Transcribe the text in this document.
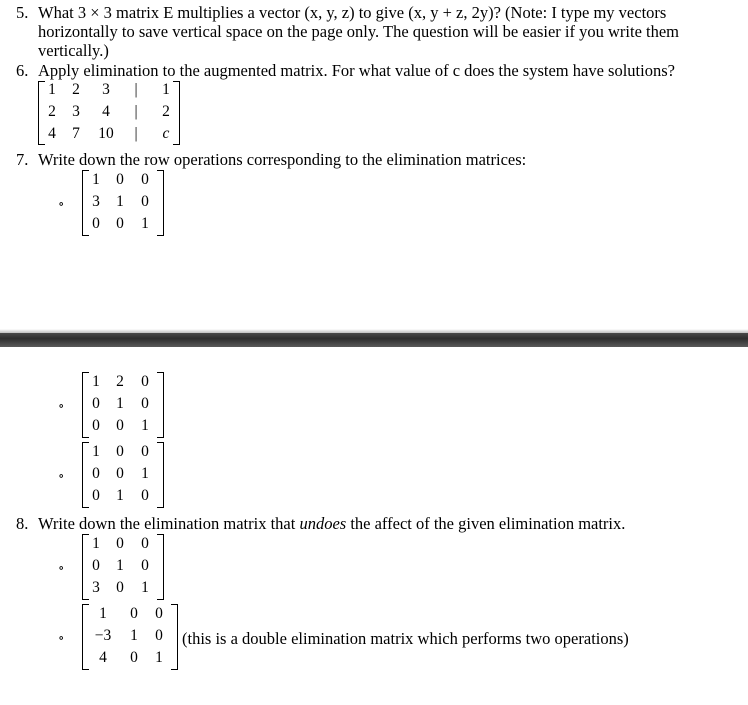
5. What 3 × 3 matrix E multiplies a vector (x, y, z) to give (x, y + z, 2y)? (Note: I type my vectors
horizontally to save vertical space on the page only. The question will be easier if you write them
vertically.)
6. Apply elimination to the augmented matrix. For what value of c does the system have solutions?
1	2	3	|	1
2	3	4	|	2
4	7	10	|	c
7. Write down the row operations corresponding to the elimination matrices:
∘
1	0	0
3	1	0
0	0	1
∘
1	2	0
0	1	0
0	0	1
∘
1	0	0
0	0	1
0	1	0
8. Write down the elimination matrix that undoes the affect of the given elimination matrix.
∘
1	0	0
0	1	0
3	0	1
∘
1	0	0
−3	1	0
4	0	1
(this is a double elimination matrix which performs two operations)
